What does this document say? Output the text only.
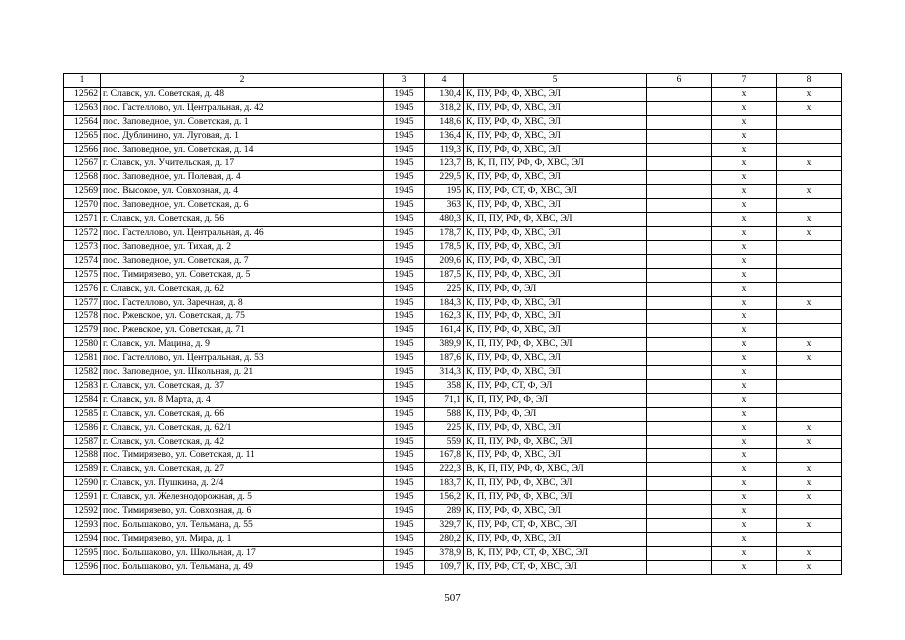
1	2	3	4	5	6	7	8
12562	г. Славск, ул. Советская, д. 48	1945	130,4	К, ПУ, РФ, Ф, ХВС, ЭЛ		х	х
12563	пос. Гастеллово, ул. Центральная, д. 42	1945	318,2	К, ПУ, РФ, Ф, ХВС, ЭЛ		х	х
12564	пос. Заповедное, ул. Советская, д. 1	1945	148,6	К, ПУ, РФ, Ф, ХВС, ЭЛ		х	
12565	пос. Дублинино, ул. Луговая, д. 1	1945	136,4	К, ПУ, РФ, Ф, ХВС, ЭЛ		х	
12566	пос. Заповедное, ул. Советская, д. 14	1945	119,3	К, ПУ, РФ, Ф, ХВС, ЭЛ		х	
12567	г. Славск, ул. Учительская, д. 17	1945	123,7	В, К, П, ПУ, РФ, Ф, ХВС, ЭЛ		х	х
12568	пос. Заповедное, ул. Полевая, д. 4	1945	229,5	К, ПУ, РФ, Ф, ХВС, ЭЛ		х	
12569	пос. Высокое, ул. Совхозная, д. 4	1945	195	К, ПУ, РФ, СТ, Ф, ХВС, ЭЛ		х	х
12570	пос. Заповедное, ул. Советская, д. 6	1945	363	К, ПУ, РФ, Ф, ХВС, ЭЛ		х	
12571	г. Славск, ул. Советская, д. 56	1945	480,3	К, П, ПУ, РФ, Ф, ХВС, ЭЛ		х	х
12572	пос. Гастеллово, ул. Центральная, д. 46	1945	178,7	К, ПУ, РФ, Ф, ХВС, ЭЛ		х	х
12573	пос. Заповедное, ул. Тихая, д. 2	1945	178,5	К, ПУ, РФ, Ф, ХВС, ЭЛ		х	
12574	пос. Заповедное, ул. Советская, д. 7	1945	209,6	К, ПУ, РФ, Ф, ХВС, ЭЛ		х	
12575	пос. Тимирязево, ул. Советская, д. 5	1945	187,5	К, ПУ, РФ, Ф, ХВС, ЭЛ		х	
12576	г. Славск, ул. Советская, д. 62	1945	225	К, ПУ, РФ, Ф, ЭЛ		х	
12577	пос. Гастеллово, ул. Заречная, д. 8	1945	184,3	К, ПУ, РФ, Ф, ХВС, ЭЛ		х	х
12578	пос. Ржевское, ул. Советская, д. 75	1945	162,3	К, ПУ, РФ, Ф, ХВС, ЭЛ		х	
12579	пос. Ржевское, ул. Советская, д. 71	1945	161,4	К, ПУ, РФ, Ф, ХВС, ЭЛ		х	
12580	г. Славск, ул. Мацина, д. 9	1945	389,9	К, П, ПУ, РФ, Ф, ХВС, ЭЛ		х	х
12581	пос. Гастеллово, ул. Центральная, д. 53	1945	187,6	К, ПУ, РФ, Ф, ХВС, ЭЛ		х	х
12582	пос. Заповедное, ул. Школьная, д. 21	1945	314,3	К, ПУ, РФ, Ф, ХВС, ЭЛ		х	
12583	г. Славск, ул. Советская, д. 37	1945	358	К, ПУ, РФ, СТ, Ф, ЭЛ		х	
12584	г. Славск, ул. 8 Марта, д. 4	1945	71,1	К, П, ПУ, РФ, Ф, ЭЛ		х	
12585	г. Славск, ул. Советская, д. 66	1945	588	К, ПУ, РФ, Ф, ЭЛ		х	
12586	г. Славск, ул. Советская, д. 62/1	1945	225	К, ПУ, РФ, Ф, ХВС, ЭЛ		х	х
12587	г. Славск, ул. Советская, д. 42	1945	559	К, П, ПУ, РФ, Ф, ХВС, ЭЛ		х	х
12588	пос. Тимирязево, ул. Советская, д. 11	1945	167,8	К, ПУ, РФ, Ф, ХВС, ЭЛ		х	
12589	г. Славск, ул. Советская, д. 27	1945	222,3	В, К, П, ПУ, РФ, Ф, ХВС, ЭЛ		х	х
12590	г. Славск, ул. Пушкина, д. 2/4	1945	183,7	К, П, ПУ, РФ, Ф, ХВС, ЭЛ		х	х
12591	г. Славск, ул. Железнодорожная, д. 5	1945	156,2	К, П, ПУ, РФ, Ф, ХВС, ЭЛ		х	х
12592	пос. Тимирязево, ул. Совхозная, д. 6	1945	289	К, ПУ, РФ, Ф, ХВС, ЭЛ		х	
12593	пос. Большаково, ул. Тельмана, д. 55	1945	329,7	К, ПУ, РФ, СТ, Ф, ХВС, ЭЛ		х	х
12594	пос. Тимирязево, ул. Мира, д. 1	1945	280,2	К, ПУ, РФ, Ф, ХВС, ЭЛ		х	
12595	пос. Большаково, ул. Школьная, д. 17	1945	378,9	В, К, ПУ, РФ, СТ, Ф, ХВС, ЭЛ		х	х
12596	пос. Большаково, ул. Тельмана, д. 49	1945	109,7	К, ПУ, РФ, СТ, Ф, ХВС, ЭЛ		х	х
507
